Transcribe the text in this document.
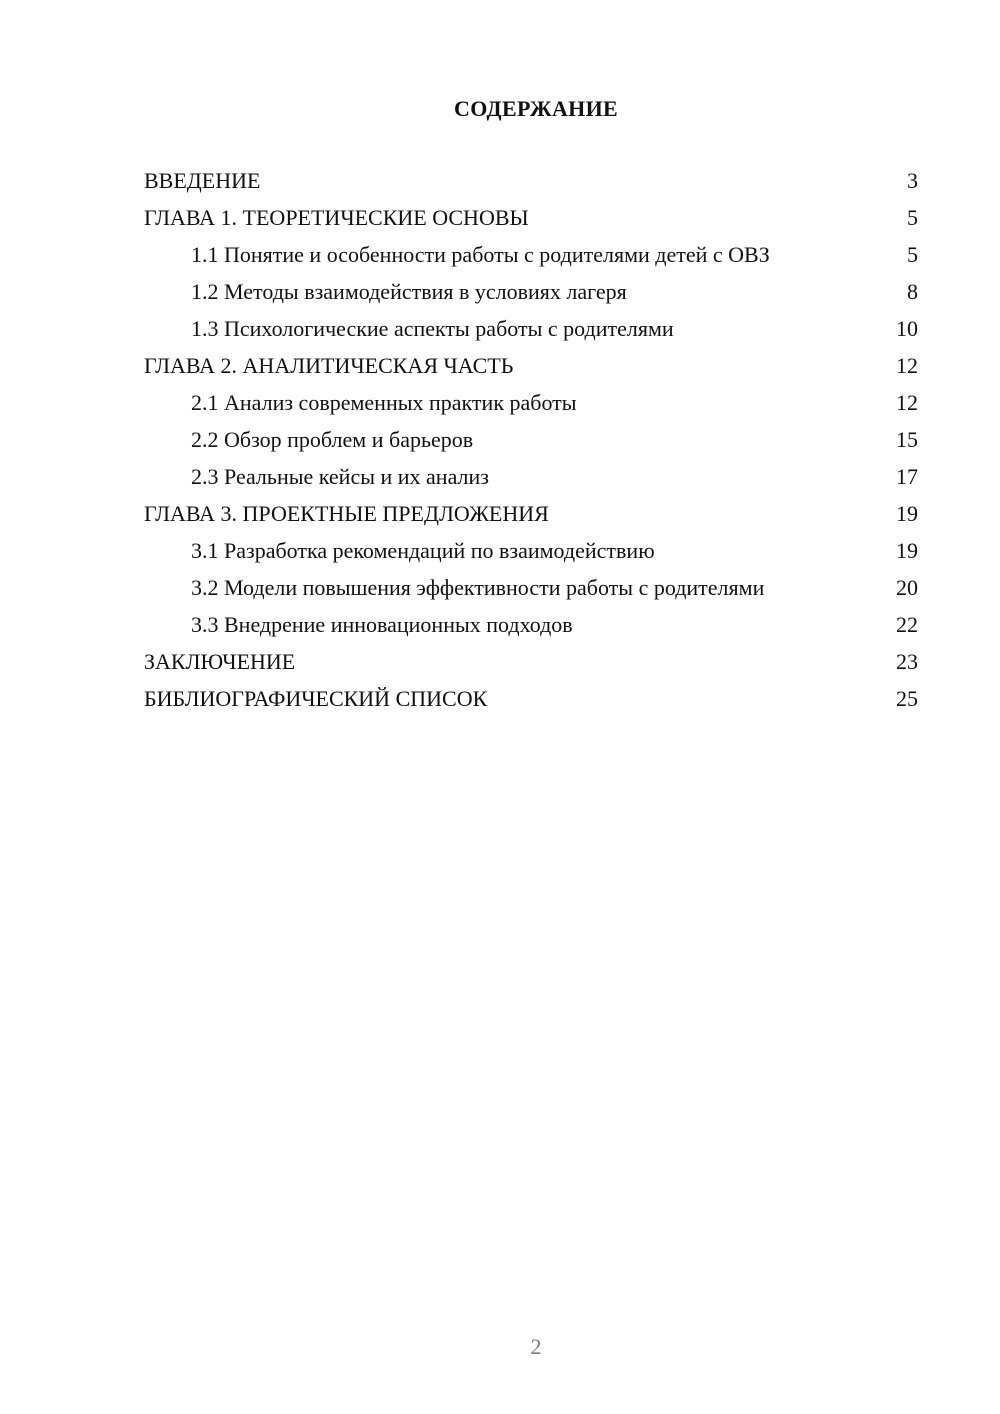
СОДЕРЖАНИЕ
ВВЕДЕНИЕ	3
ГЛАВА 1. ТЕОРЕТИЧЕСКИЕ ОСНОВЫ	5
1.1 Понятие и особенности работы с родителями детей с ОВЗ	5
1.2 Методы взаимодействия в условиях лагеря	8
1.3 Психологические аспекты работы с родителями	10
ГЛАВА 2. АНАЛИТИЧЕСКАЯ ЧАСТЬ	12
2.1 Анализ современных практик работы	12
2.2 Обзор проблем и барьеров	15
2.3 Реальные кейсы и их анализ	17
ГЛАВА 3. ПРОЕКТНЫЕ ПРЕДЛОЖЕНИЯ	19
3.1 Разработка рекомендаций по взаимодействию	19
3.2 Модели повышения эффективности работы с родителями	20
3.3 Внедрение инновационных подходов	22
ЗАКЛЮЧЕНИЕ	23
БИБЛИОГРАФИЧЕСКИЙ СПИСОК	25
2
